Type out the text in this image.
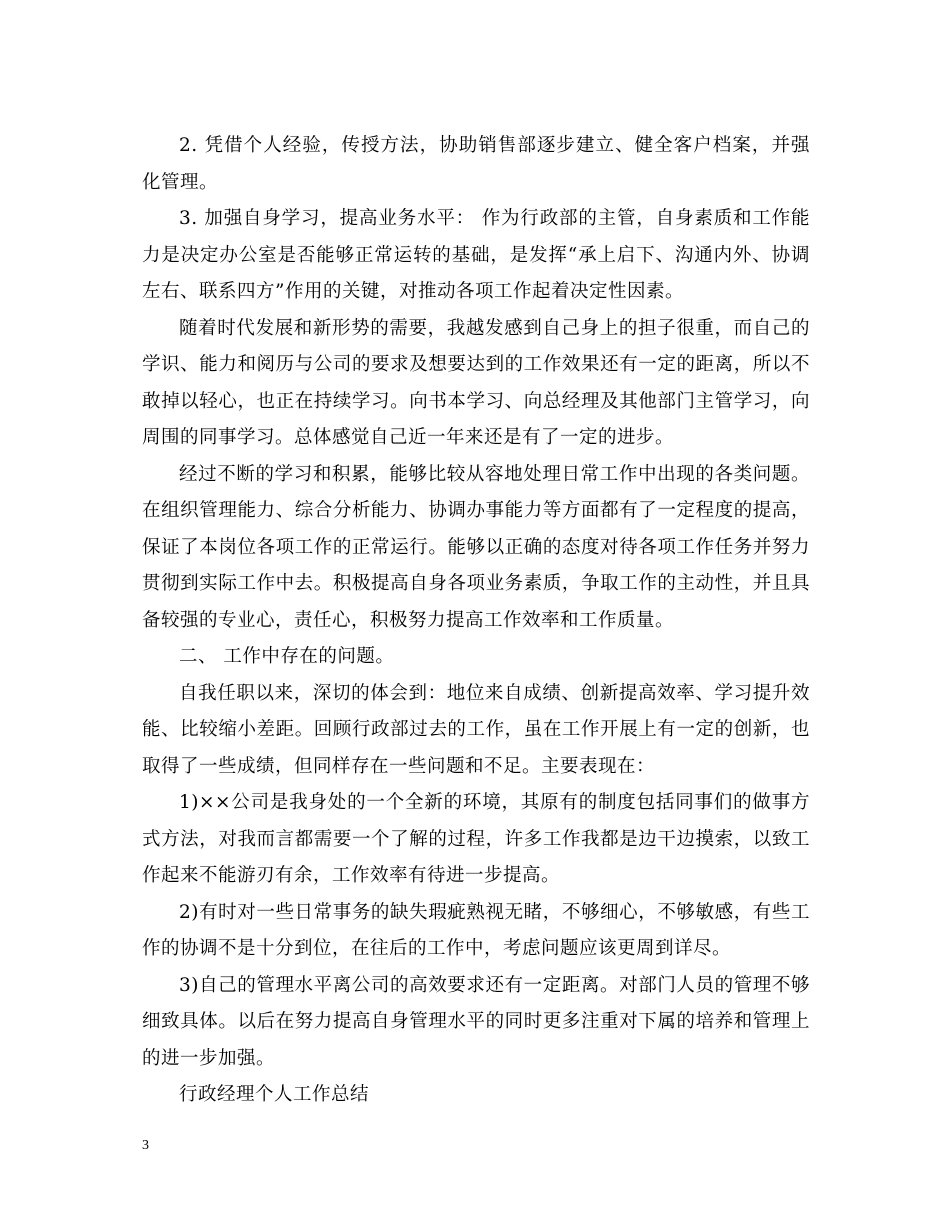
2. 凭借个人经验，传授方法，协助销售部逐步建立、健全客户档案，并强化管理。

3. 加强自身学习，提高业务水平： 作为行政部的主管，自身素质和工作能力是决定办公室是否能够正常运转的基础，是发挥“承上启下、沟通内外、协调左右、联系四方”作用的关键，对推动各项工作起着决定性因素。

随着时代发展和新形势的需要，我越发感到自己身上的担子很重，而自己的学识、能力和阅历与公司的要求及想要达到的工作效果还有一定的距离，所以不敢掉以轻心，也正在持续学习。向书本学习、向总经理及其他部门主管学习，向周围的同事学习。总体感觉自己近一年来还是有了一定的进步。

经过不断的学习和积累，能够比较从容地处理日常工作中出现的各类问题。在组织管理能力、综合分析能力、协调办事能力等方面都有了一定程度的提高，保证了本岗位各项工作的正常运行。能够以正确的态度对待各项工作任务并努力贯彻到实际工作中去。积极提高自身各项业务素质，争取工作的主动性，并且具备较强的专业心，责任心，积极努力提高工作效率和工作质量。

二、 工作中存在的问题。

自我任职以来，深切的体会到：地位来自成绩、创新提高效率、学习提升效能、比较缩小差距。回顾行政部过去的工作，虽在工作开展上有一定的创新，也取得了一些成绩，但同样存在一些问题和不足。主要表现在：

1)××公司是我身处的一个全新的环境，其原有的制度包括同事们的做事方式方法，对我而言都需要一个了解的过程，许多工作我都是边干边摸索，以致工作起来不能游刃有余，工作效率有待进一步提高。

2)有时对一些日常事务的缺失瑕疵熟视无睹，不够细心，不够敏感，有些工作的协调不是十分到位，在往后的工作中，考虑问题应该更周到详尽。

3)自己的管理水平离公司的高效要求还有一定距离。对部门人员的管理不够细致具体。以后在努力提高自身管理水平的同时更多注重对下属的培养和管理上的进一步加强。

行政经理个人工作总结

3
